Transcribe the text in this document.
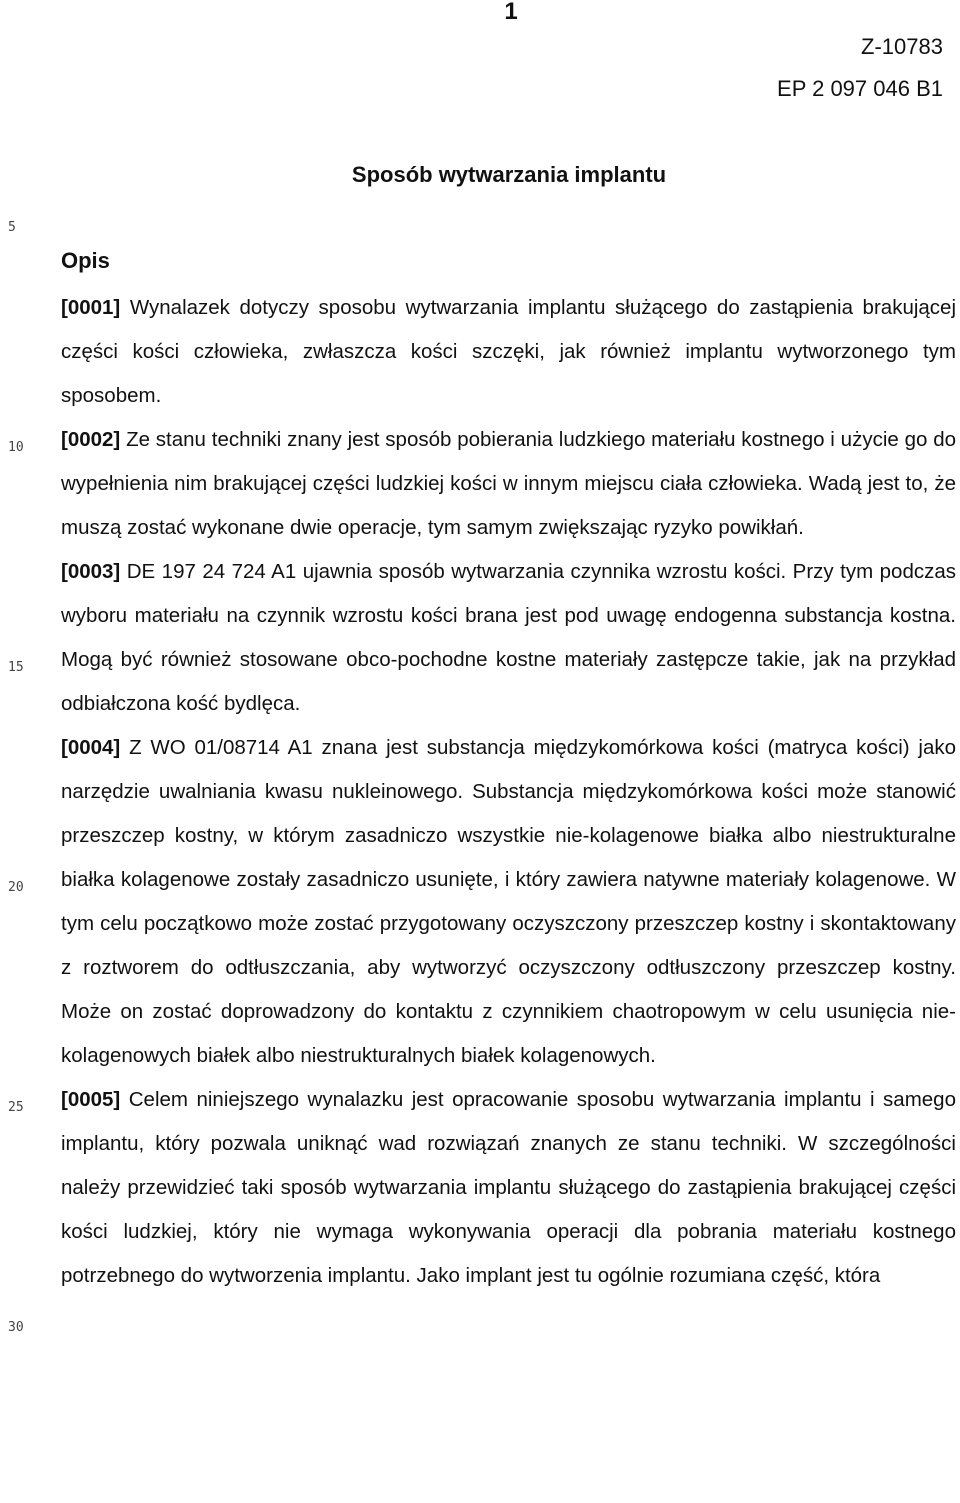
1
Z-10783
EP 2 097 046 B1
Sposób wytwarzania implantu
5
10
15
20
25
30
Opis

[0001] Wynalazek dotyczy sposobu wytwarzania implantu służącego do zastąpienia brakującej części kości człowieka, zwłaszcza kości szczęki, jak również implantu wytworzonego tym sposobem.

[0002] Ze stanu techniki znany jest sposób pobierania ludzkiego materiału kostnego i użycie go do wypełnienia nim brakującej części ludzkiej kości w innym miejscu ciała człowieka. Wadą jest to, że muszą zostać wykonane dwie operacje, tym samym zwiększając ryzyko powikłań.

[0003] DE 197 24 724 A1 ujawnia sposób wytwarzania czynnika wzrostu kości. Przy tym podczas wyboru materiału na czynnik wzrostu kości brana jest pod uwagę endogenna substancja kostna. Mogą być również stosowane obco-pochodne kostne materiały zastępcze takie, jak na przykład odbiałczona kość bydlęca.

[0004] Z WO 01/08714 A1 znana jest substancja międzykomórkowa kości (matryca kości) jako narzędzie uwalniania kwasu nukleinowego. Substancja międzykomórkowa kości może stanowić przeszczep kostny, w którym zasadniczo wszystkie nie-kolagenowe białka albo niestrukturalne białka kolagenowe zostały zasadniczo usunięte, i który zawiera natywne materiały kolagenowe. W tym celu początkowo może zostać przygotowany oczyszczony przeszczep kostny i skontaktowany z roztworem do odtłuszczania, aby wytworzyć oczyszczony odtłuszczony przeszczep kostny. Może on zostać doprowadzony do kontaktu z czynnikiem chaotropowym w celu usunięcia nie-kolagenowych białek albo niestrukturalnych białek kolagenowych.

[0005] Celem niniejszego wynalazku jest opracowanie sposobu wytwarzania implantu i samego implantu, który pozwala uniknąć wad rozwiązań znanych ze stanu techniki. W szczególności należy przewidzieć taki sposób wytwarzania implantu służącego do zastąpienia brakującej części kości ludzkiej, który nie wymaga wykonywania operacji dla pobrania materiału kostnego potrzebnego do wytworzenia implantu. Jako implant jest tu ogólnie rozumiana część, która
